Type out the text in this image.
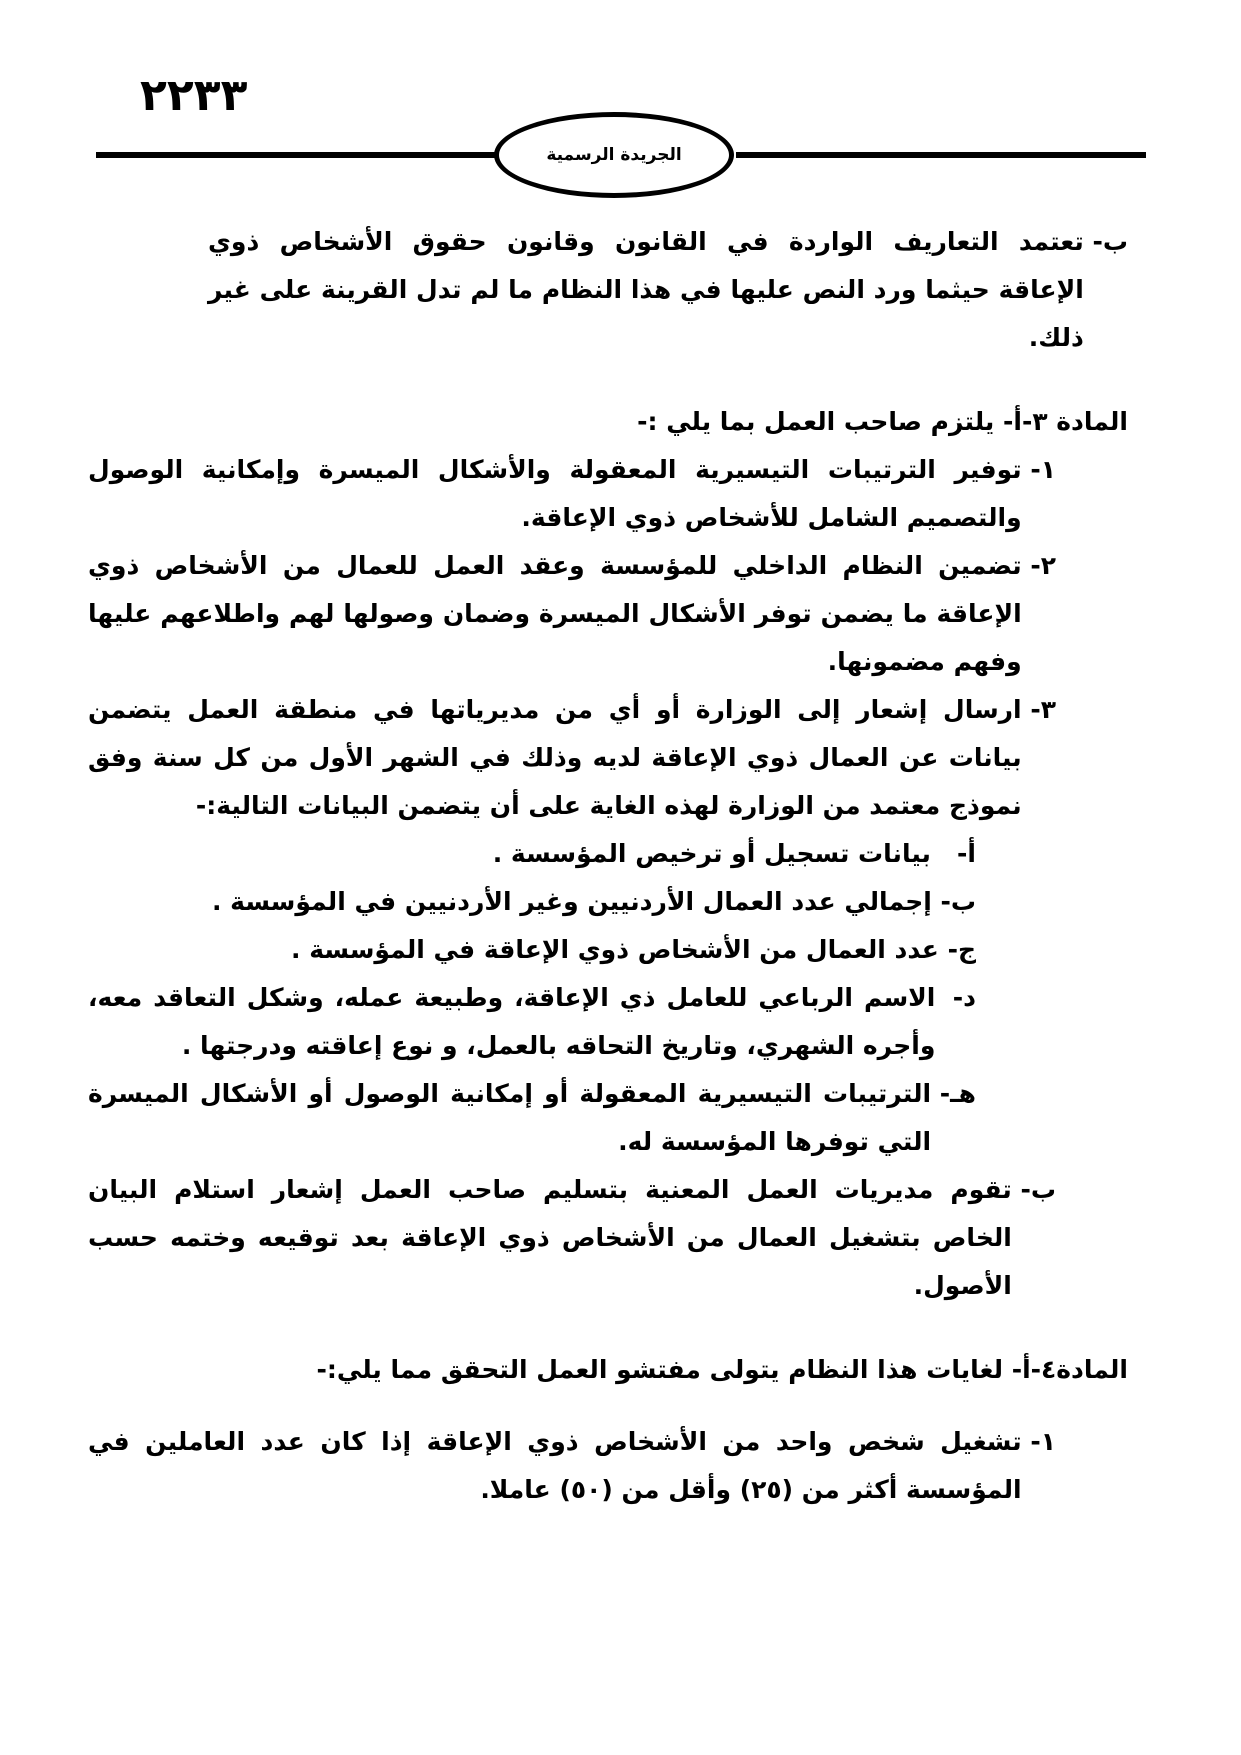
٢٢٣٣
الجريدة الرسمية
ب-
تعتمد التعاريف الواردة في القانون وقانون حقوق الأشخاص ذوي الإعاقة حيثما ورد النص عليها في هذا النظام ما لم تدل القرينة على غير ذلك.

المادة ٣-أ- يلتزم صاحب العمل بما يلي :-

١-
توفير الترتيبات التيسيرية المعقولة والأشكال الميسرة وإمكانية الوصول والتصميم الشامل للأشخاص ذوي الإعاقة.
٢-
تضمين النظام الداخلي للمؤسسة وعقد العمل للعمال من الأشخاص ذوي الإعاقة ما يضمن توفر الأشكال الميسرة وضمان وصولها لهم واطلاعهم عليها وفهم مضمونها.
٣-
ارسال إشعار إلى الوزارة أو أي من مديرياتها في منطقة العمل يتضمن بيانات عن العمال ذوي الإعاقة لديه وذلك في الشهر الأول من كل سنة وفق نموذج معتمد من الوزارة لهذه الغاية على أن يتضمن البيانات التالية:-
أ-
بيانات تسجيل أو ترخيص المؤسسة .
ب-
إجمالي عدد العمال الأردنيين وغير الأردنيين في المؤسسة .
ج-
عدد العمال من الأشخاص ذوي الإعاقة في المؤسسة .
د-
الاسم الرباعي للعامل ذي الإعاقة، وطبيعة عمله، وشكل التعاقد معه، وأجره الشهري، وتاريخ التحاقه بالعمل، و نوع إعاقته ودرجتها .
هـ-
الترتيبات التيسيرية المعقولة أو إمكانية الوصول أو الأشكال الميسرة التي توفرها المؤسسة له.
ب-
تقوم مديريات العمل المعنية بتسليم صاحب العمل إشعار استلام البيان الخاص بتشغيل العمال من الأشخاص ذوي الإعاقة بعد توقيعه وختمه حسب الأصول.

المادة٤-أ- لغايات هذا النظام يتولى مفتشو العمل التحقق مما يلي:-

١-
تشغيل شخص واحد من الأشخاص ذوي الإعاقة إذا كان عدد العاملين في المؤسسة أكثر من (٢٥) وأقل من (٥٠) عاملا.
